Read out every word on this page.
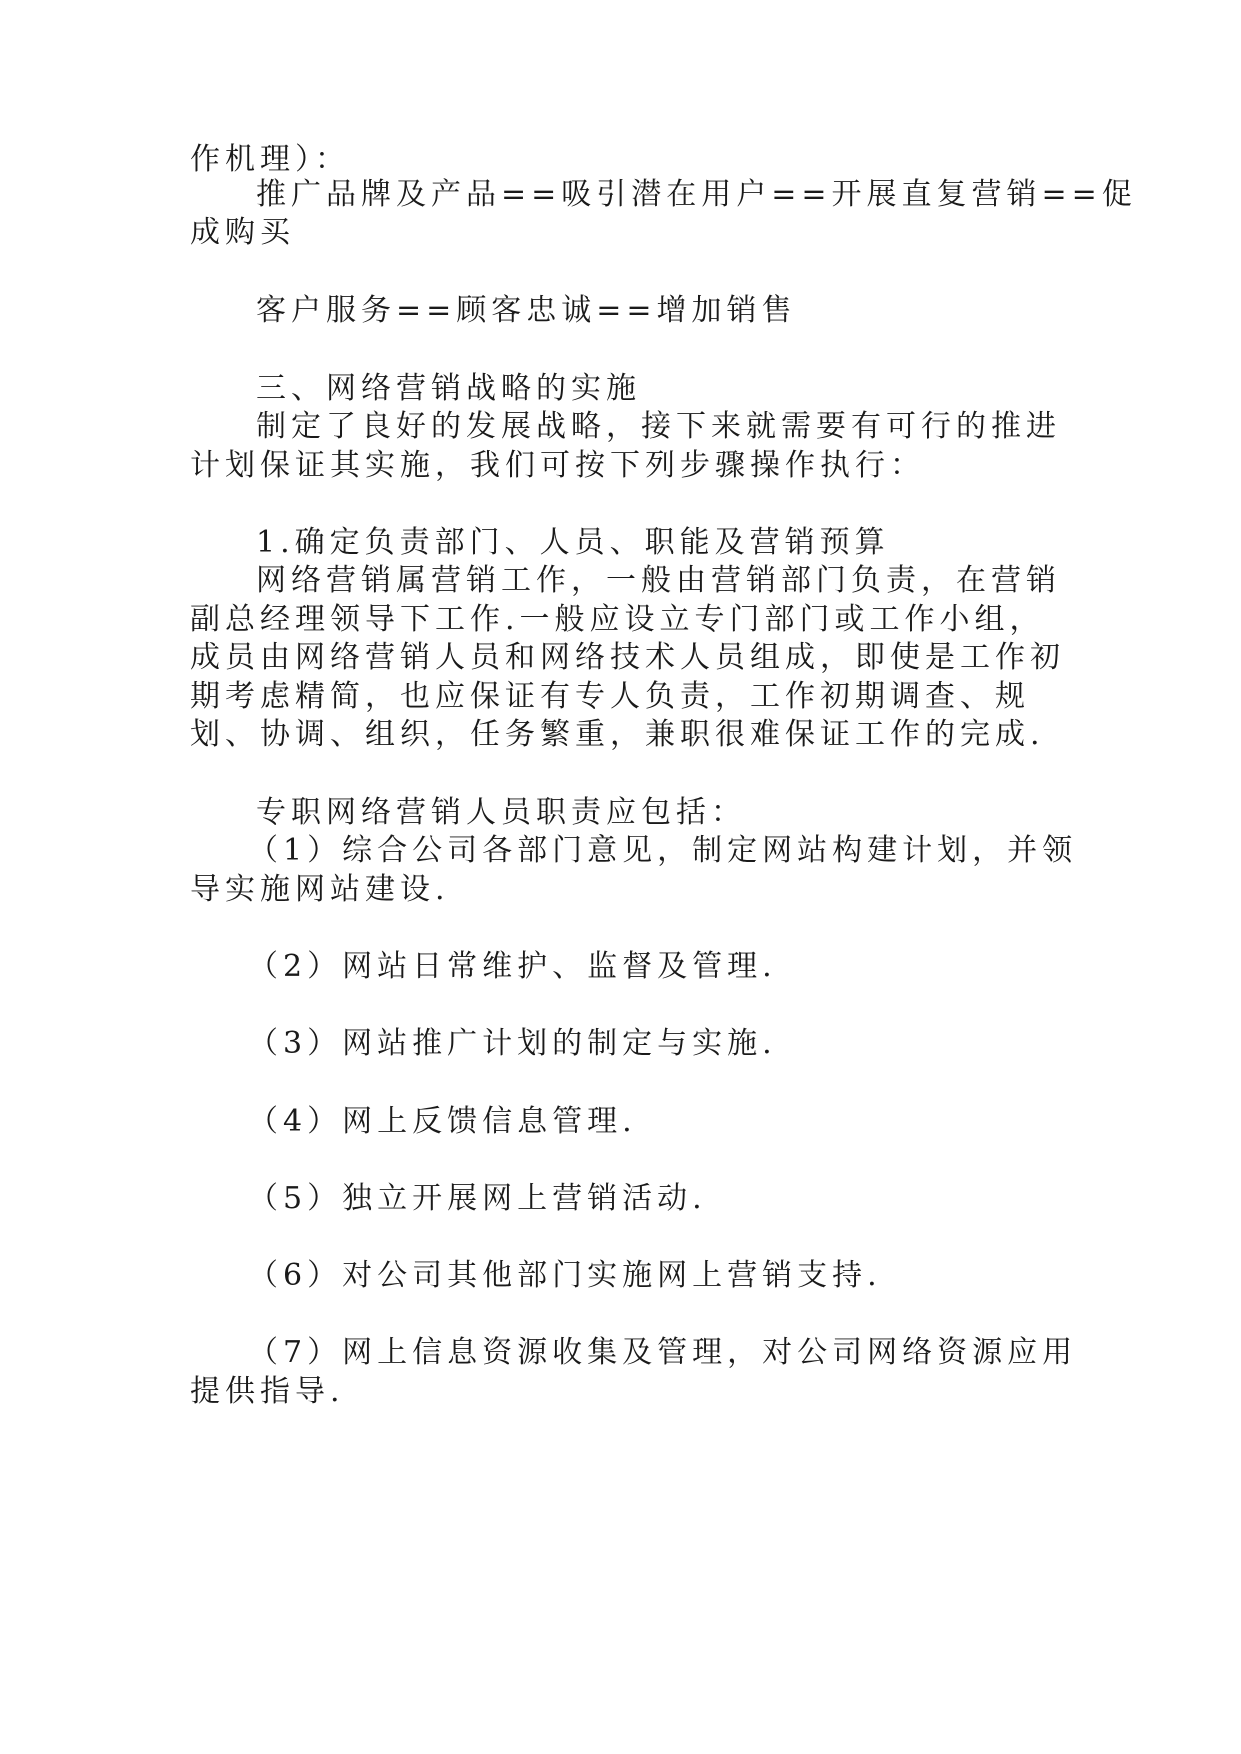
作机理）：
推广品牌及产品==吸引潜在用户==开展直复营销==促
成购买
客户服务==顾客忠诚==增加销售
三、网络营销战略的实施
制定了良好的发展战略，接下来就需要有可行的推进
计划保证其实施，我们可按下列步骤操作执行：
1.确定负责部门、人员、职能及营销预算
网络营销属营销工作，一般由营销部门负责，在营销
副总经理领导下工作.一般应设立专门部门或工作小组，
成员由网络营销人员和网络技术人员组成，即使是工作初
期考虑精简，也应保证有专人负责，工作初期调查、规
划、协调、组织，任务繁重，兼职很难保证工作的完成.
专职网络营销人员职责应包括：
（1）综合公司各部门意见，制定网站构建计划，并领
导实施网站建设.
（2）网站日常维护、监督及管理.
（3）网站推广计划的制定与实施.
（4）网上反馈信息管理.
（5）独立开展网上营销活动.
（6）对公司其他部门实施网上营销支持.
（7）网上信息资源收集及管理，对公司网络资源应用
提供指导.
